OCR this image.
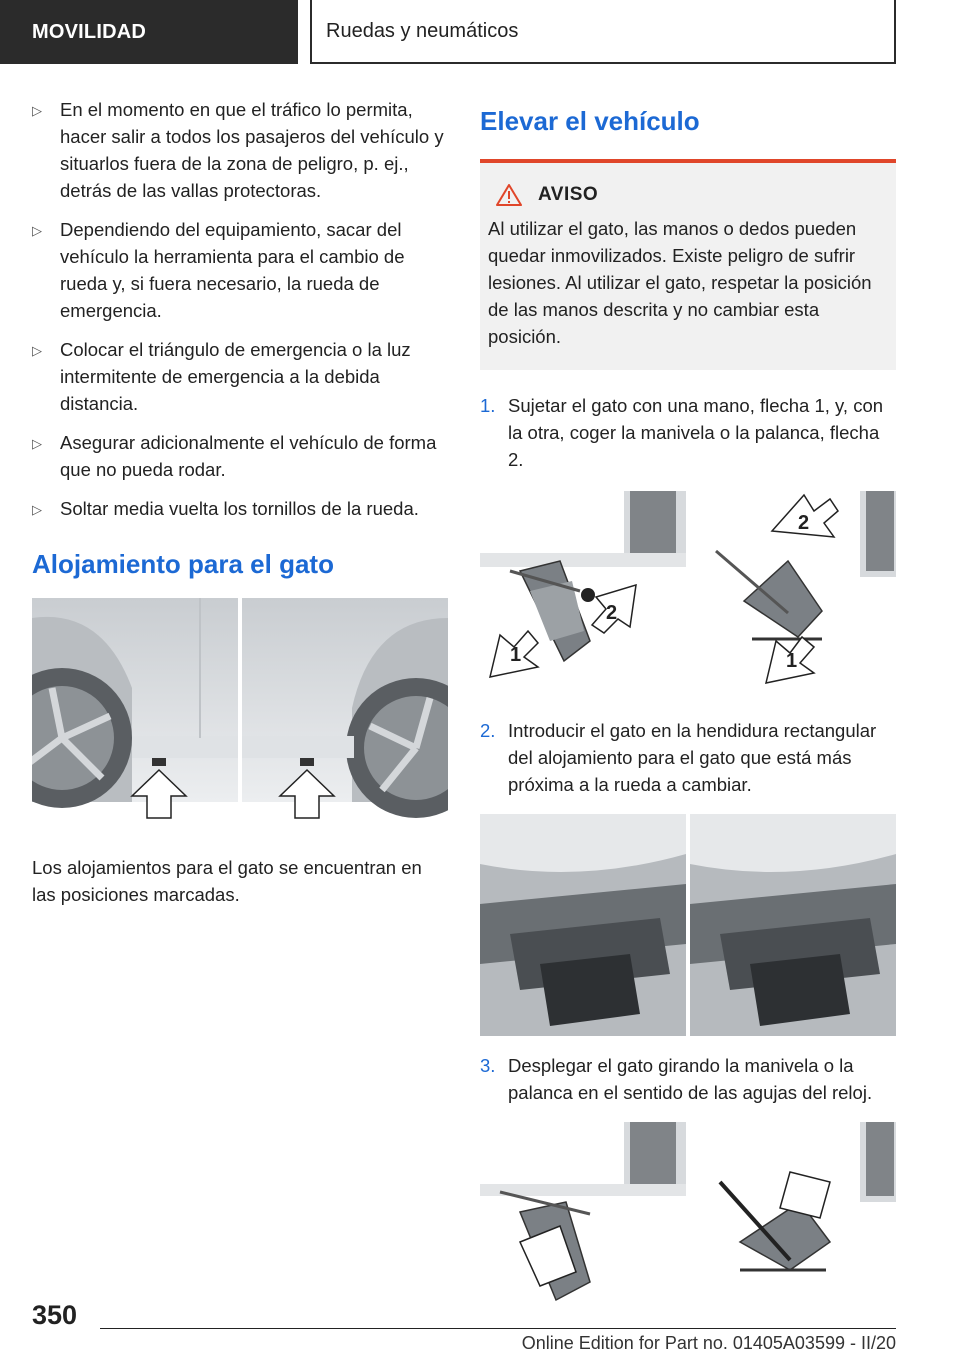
MOVILIDAD	Ruedas y neumáticos
▷ En el momento en que el tráfico lo permita, hacer salir a todos los pasajeros del vehículo y situarlos fuera de la zona de peligro, p. ej., detrás de las vallas protectoras.
▷ Dependiendo del equipamiento, sacar del vehículo la herramienta para el cambio de rueda y, si fuera necesario, la rueda de emergencia.
▷ Colocar el triángulo de emergencia o la luz intermitente de emergencia a la debida distancia.
▷ Asegurar adicionalmente el vehículo de forma que no pueda rodar.
▷ Soltar media vuelta los tornillos de la rueda.
Alojamiento para el gato
Los alojamientos para el gato se encuentran en las posiciones marcadas.
Elevar el vehículo
AVISO
Al utilizar el gato, las manos o dedos pueden quedar inmovilizados. Existe peligro de sufrir lesiones. Al utilizar el gato, respetar la posición de las manos descrita y no cambiar esta posición.
1. Sujetar el gato con una mano, flecha 1, y, con la otra, coger la manivela o la palanca, flecha 2.
1
2
2
1
2. Introducir el gato en la hendidura rectangular del alojamiento para el gato que está más próxima a la rueda a cambiar.
3. Desplegar el gato girando la manivela o la palanca en el sentido de las agujas del reloj.
350
Online Edition for Part no. 01405A03599 - II/20
